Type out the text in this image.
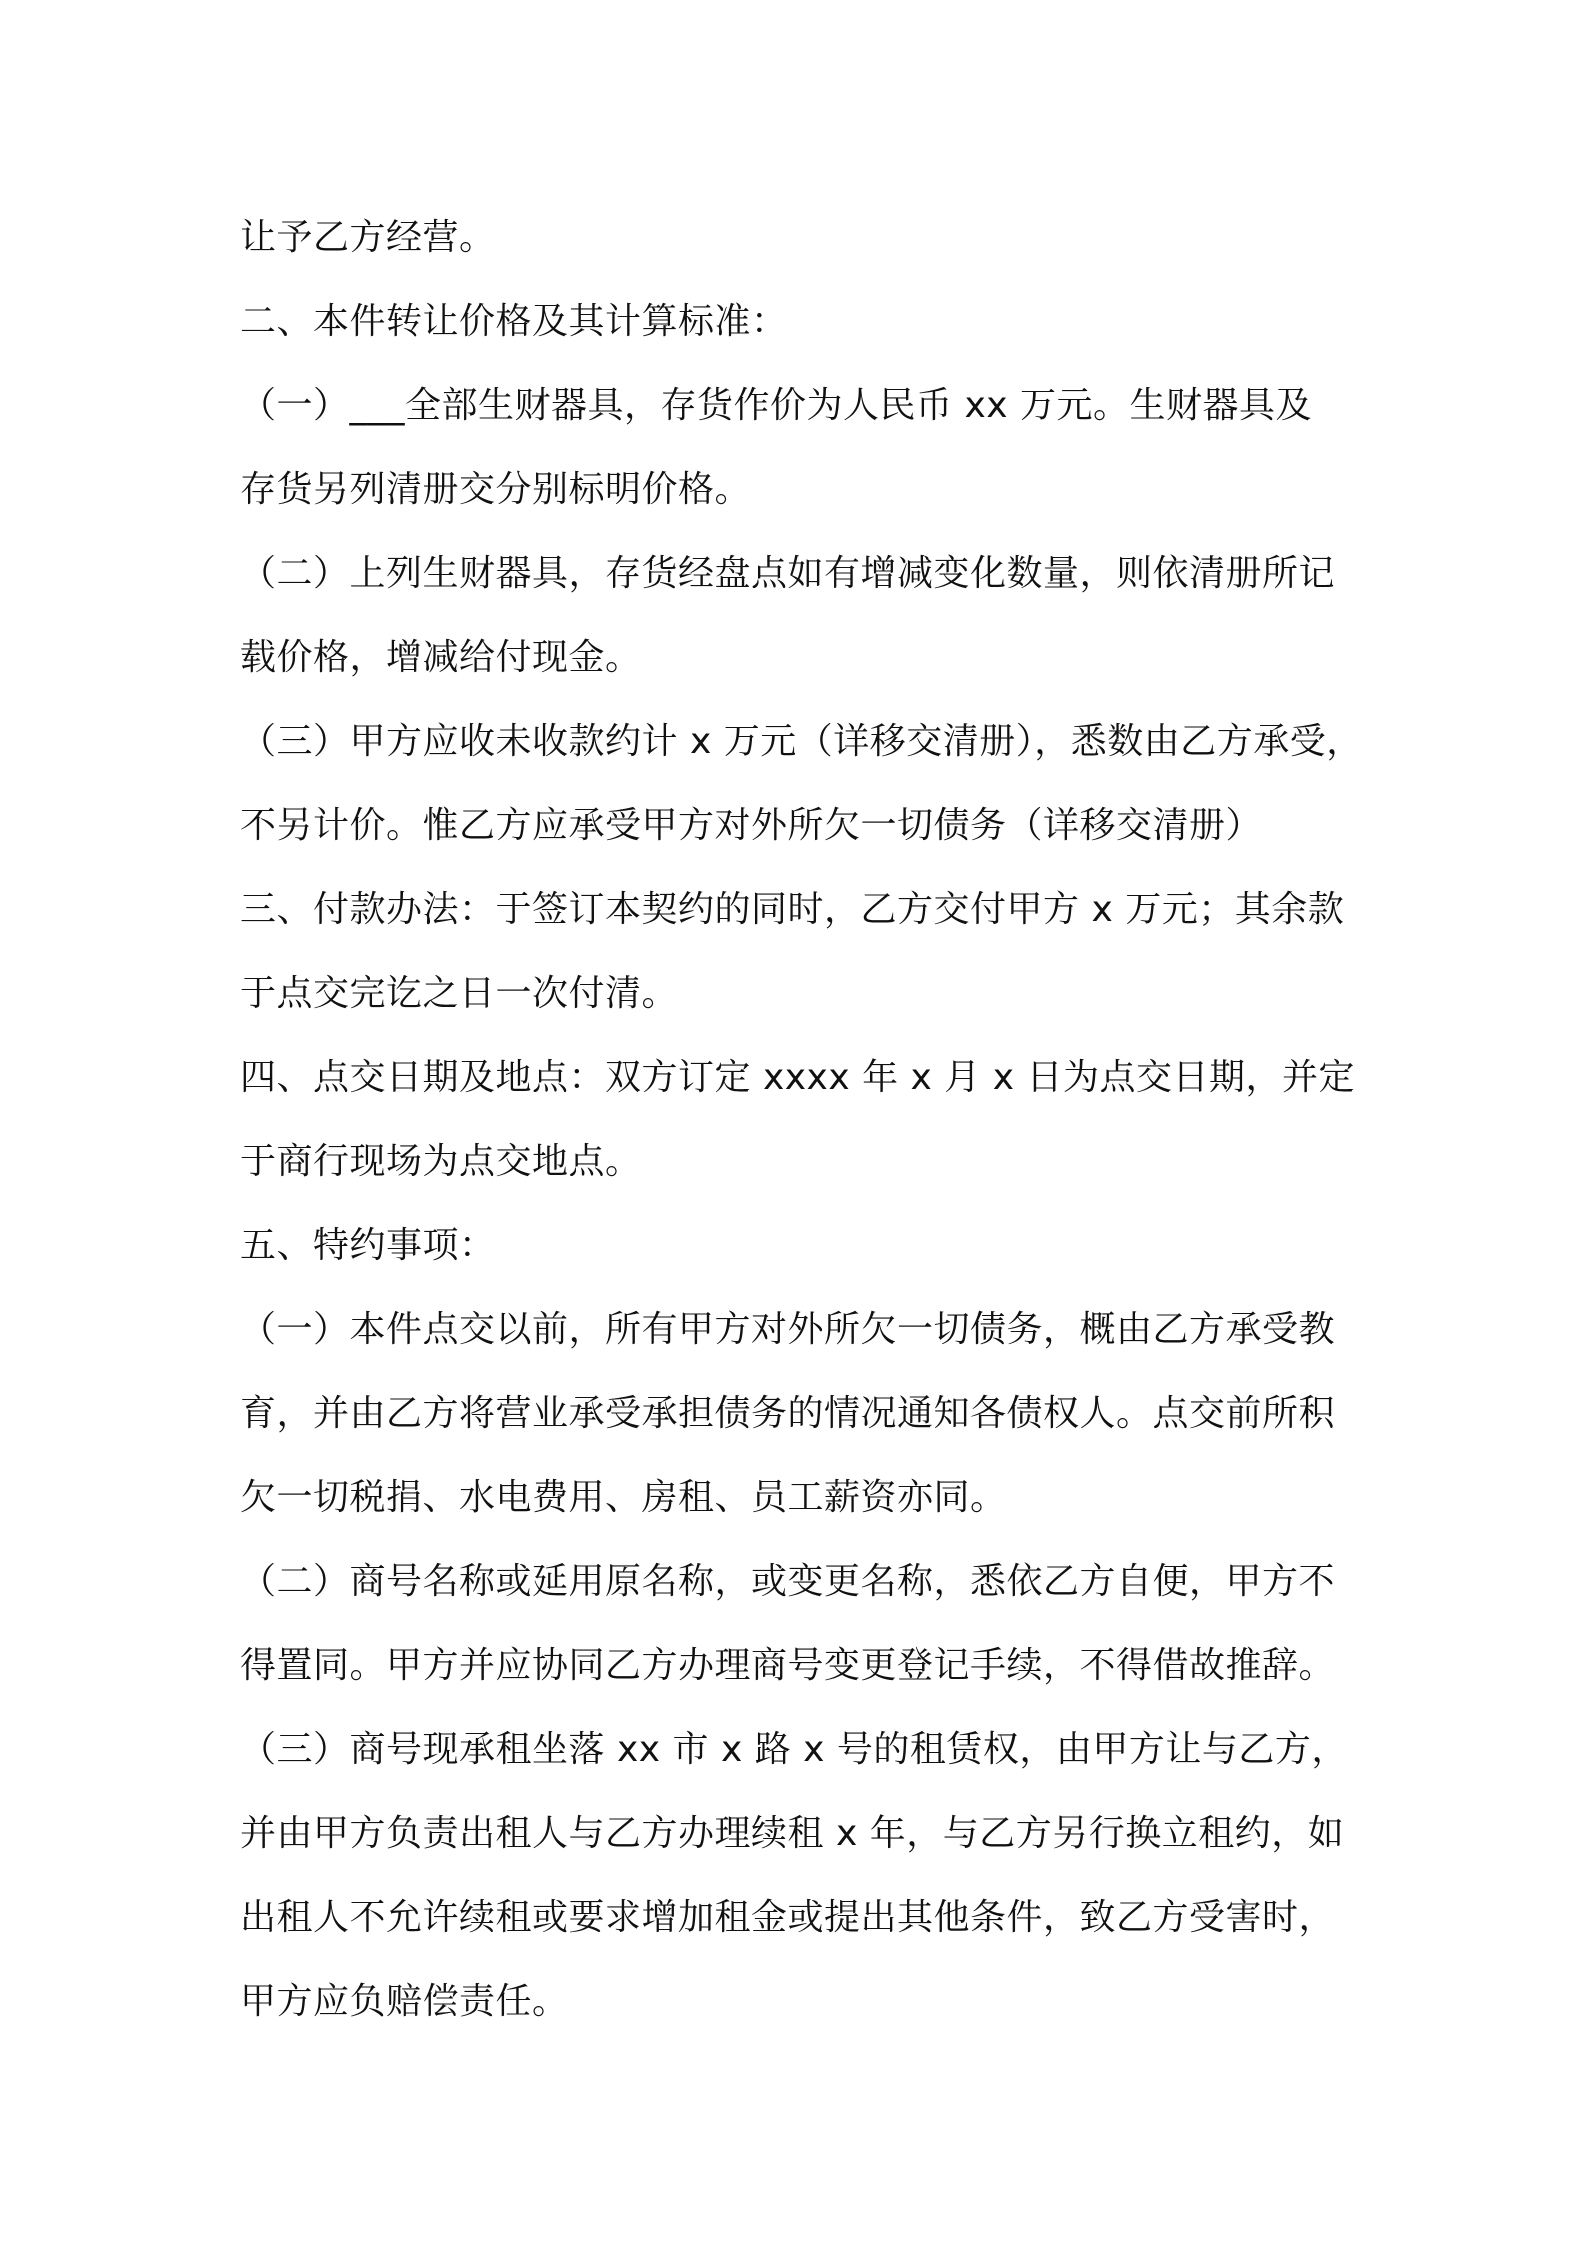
让予乙方经营。
二、本件转让价格及其计算标准：
（一）___全部生财器具，存货作价为人民币 xx 万元。生财器具及
存货另列清册交分别标明价格。
（二）上列生财器具，存货经盘点如有增减变化数量，则依清册所记
载价格，增减给付现金。
（三）甲方应收未收款约计 x 万元（详移交清册），悉数由乙方承受，
不另计价。惟乙方应承受甲方对外所欠一切债务（详移交清册）
三、付款办法：于签订本契约的同时，乙方交付甲方 x 万元；其余款
于点交完讫之日一次付清。
四、点交日期及地点：双方订定 xxxx 年 x 月 x 日为点交日期，并定
于商行现场为点交地点。
五、特约事项：
（一）本件点交以前，所有甲方对外所欠一切债务，概由乙方承受教
育，并由乙方将营业承受承担债务的情况通知各债权人。点交前所积
欠一切税捐、水电费用、房租、员工薪资亦同。
（二）商号名称或延用原名称，或变更名称，悉依乙方自便，甲方不
得置同。甲方并应协同乙方办理商号变更登记手续，不得借故推辞。
（三）商号现承租坐落 xx 市 x 路 x 号的租赁权，由甲方让与乙方，
并由甲方负责出租人与乙方办理续租 x 年，与乙方另行换立租约，如
出租人不允许续租或要求增加租金或提出其他条件，致乙方受害时，
甲方应负赔偿责任。
